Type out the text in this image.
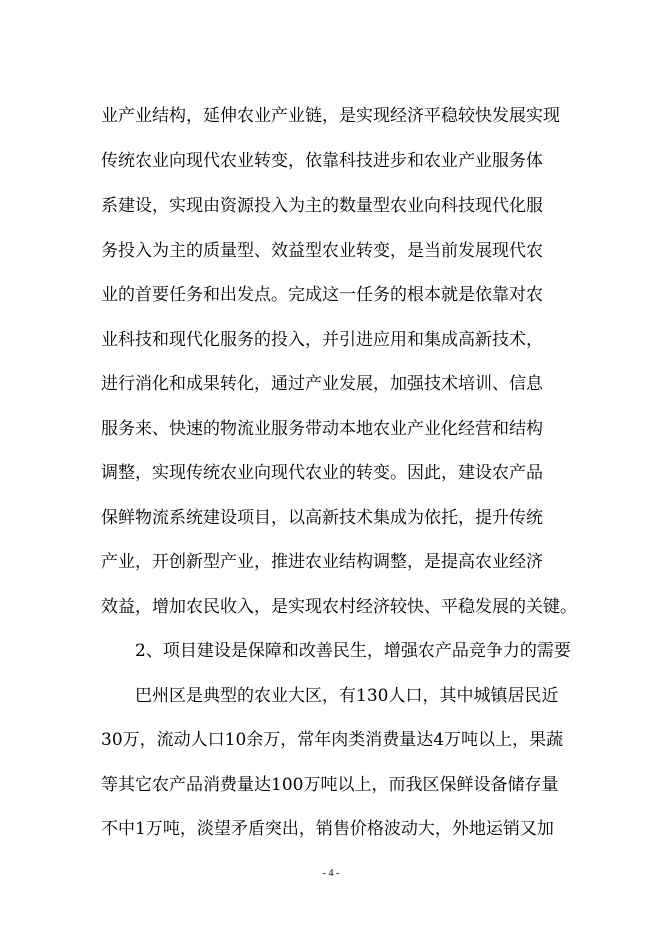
业产业结构，延伸农业产业链，是实现经济平稳较快发展实现

传统农业向现代农业转变，依靠科技进步和农业产业服务体

系建设，实现由资源投入为主的数量型农业向科技现代化服

务投入为主的质量型、效益型农业转变，是当前发展现代农

业的首要任务和出发点。完成这一任务的根本就是依靠对农

业科技和现代化服务的投入，并引进应用和集成高新技术，

进行消化和成果转化，通过产业发展，加强技术培训、信息

服务来、快速的物流业服务带动本地农业产业化经营和结构

调整，实现传统农业向现代农业的转变。因此，建设农产品

保鲜物流系统建设项目，以高新技术集成为依托，提升传统

产业，开创新型产业，推进农业结构调整，是提高农业经济

效益，增加农民收入，是实现农村经济较快、平稳发展的关键。

2、项目建设是保障和改善民生，增强农产品竞争力的需要

巴州区是典型的农业大区，有130人口，其中城镇居民近

30万，流动人口10余万，常年肉类消费量达4万吨以上，果蔬

等其它农产品消费量达100万吨以上，而我区保鲜设备储存量

不中1万吨，淡望矛盾突出，销售价格波动大，外地运销又加

- 4 -
